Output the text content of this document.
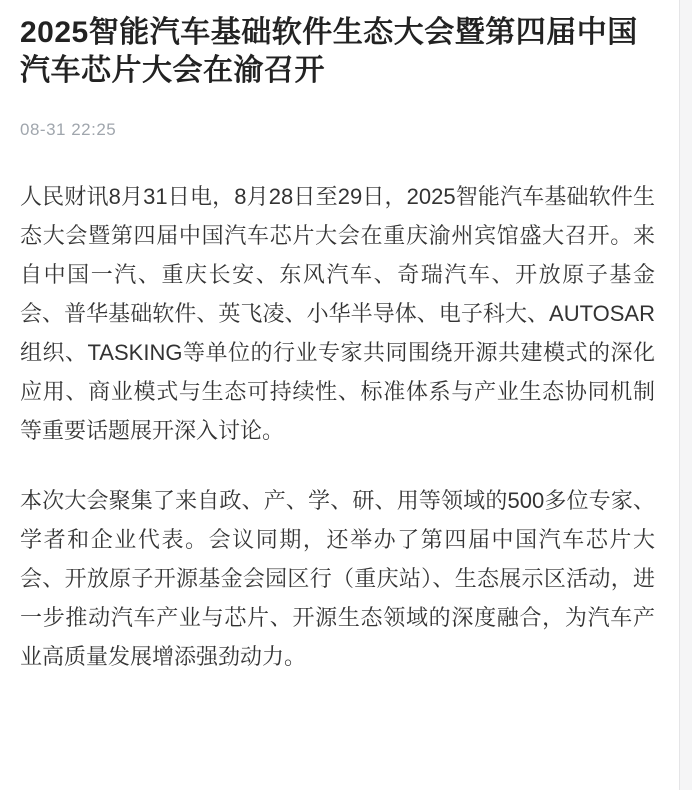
2025智能汽车基础软件生态大会暨第四届中国汽车芯片大会在渝召开
08-31 22:25

人民财讯8月31日电，8月28日至29日，2025智能汽车基础软件生态大会暨第四届中国汽车芯片大会在重庆渝州宾馆盛大召开。来自中国一汽、重庆长安、东风汽车、奇瑞汽车、开放原子基金会、普华基础软件、英飞凌、小华半导体、电子科大、AUTOSAR组织、TASKING等单位的行业专家共同围绕开源共建模式的深化应用、商业模式与生态可持续性、标准体系与产业生态协同机制等重要话题展开深入讨论。

本次大会聚集了来自政、产、学、研、用等领域的500多位专家、学者和企业代表。会议同期，还举办了第四届中国汽车芯片大会、开放原子开源基金会园区行（重庆站）、生态展示区活动，进一步推动汽车产业与芯片、开源生态领域的深度融合，为汽车产业高质量发展增添强劲动力。
